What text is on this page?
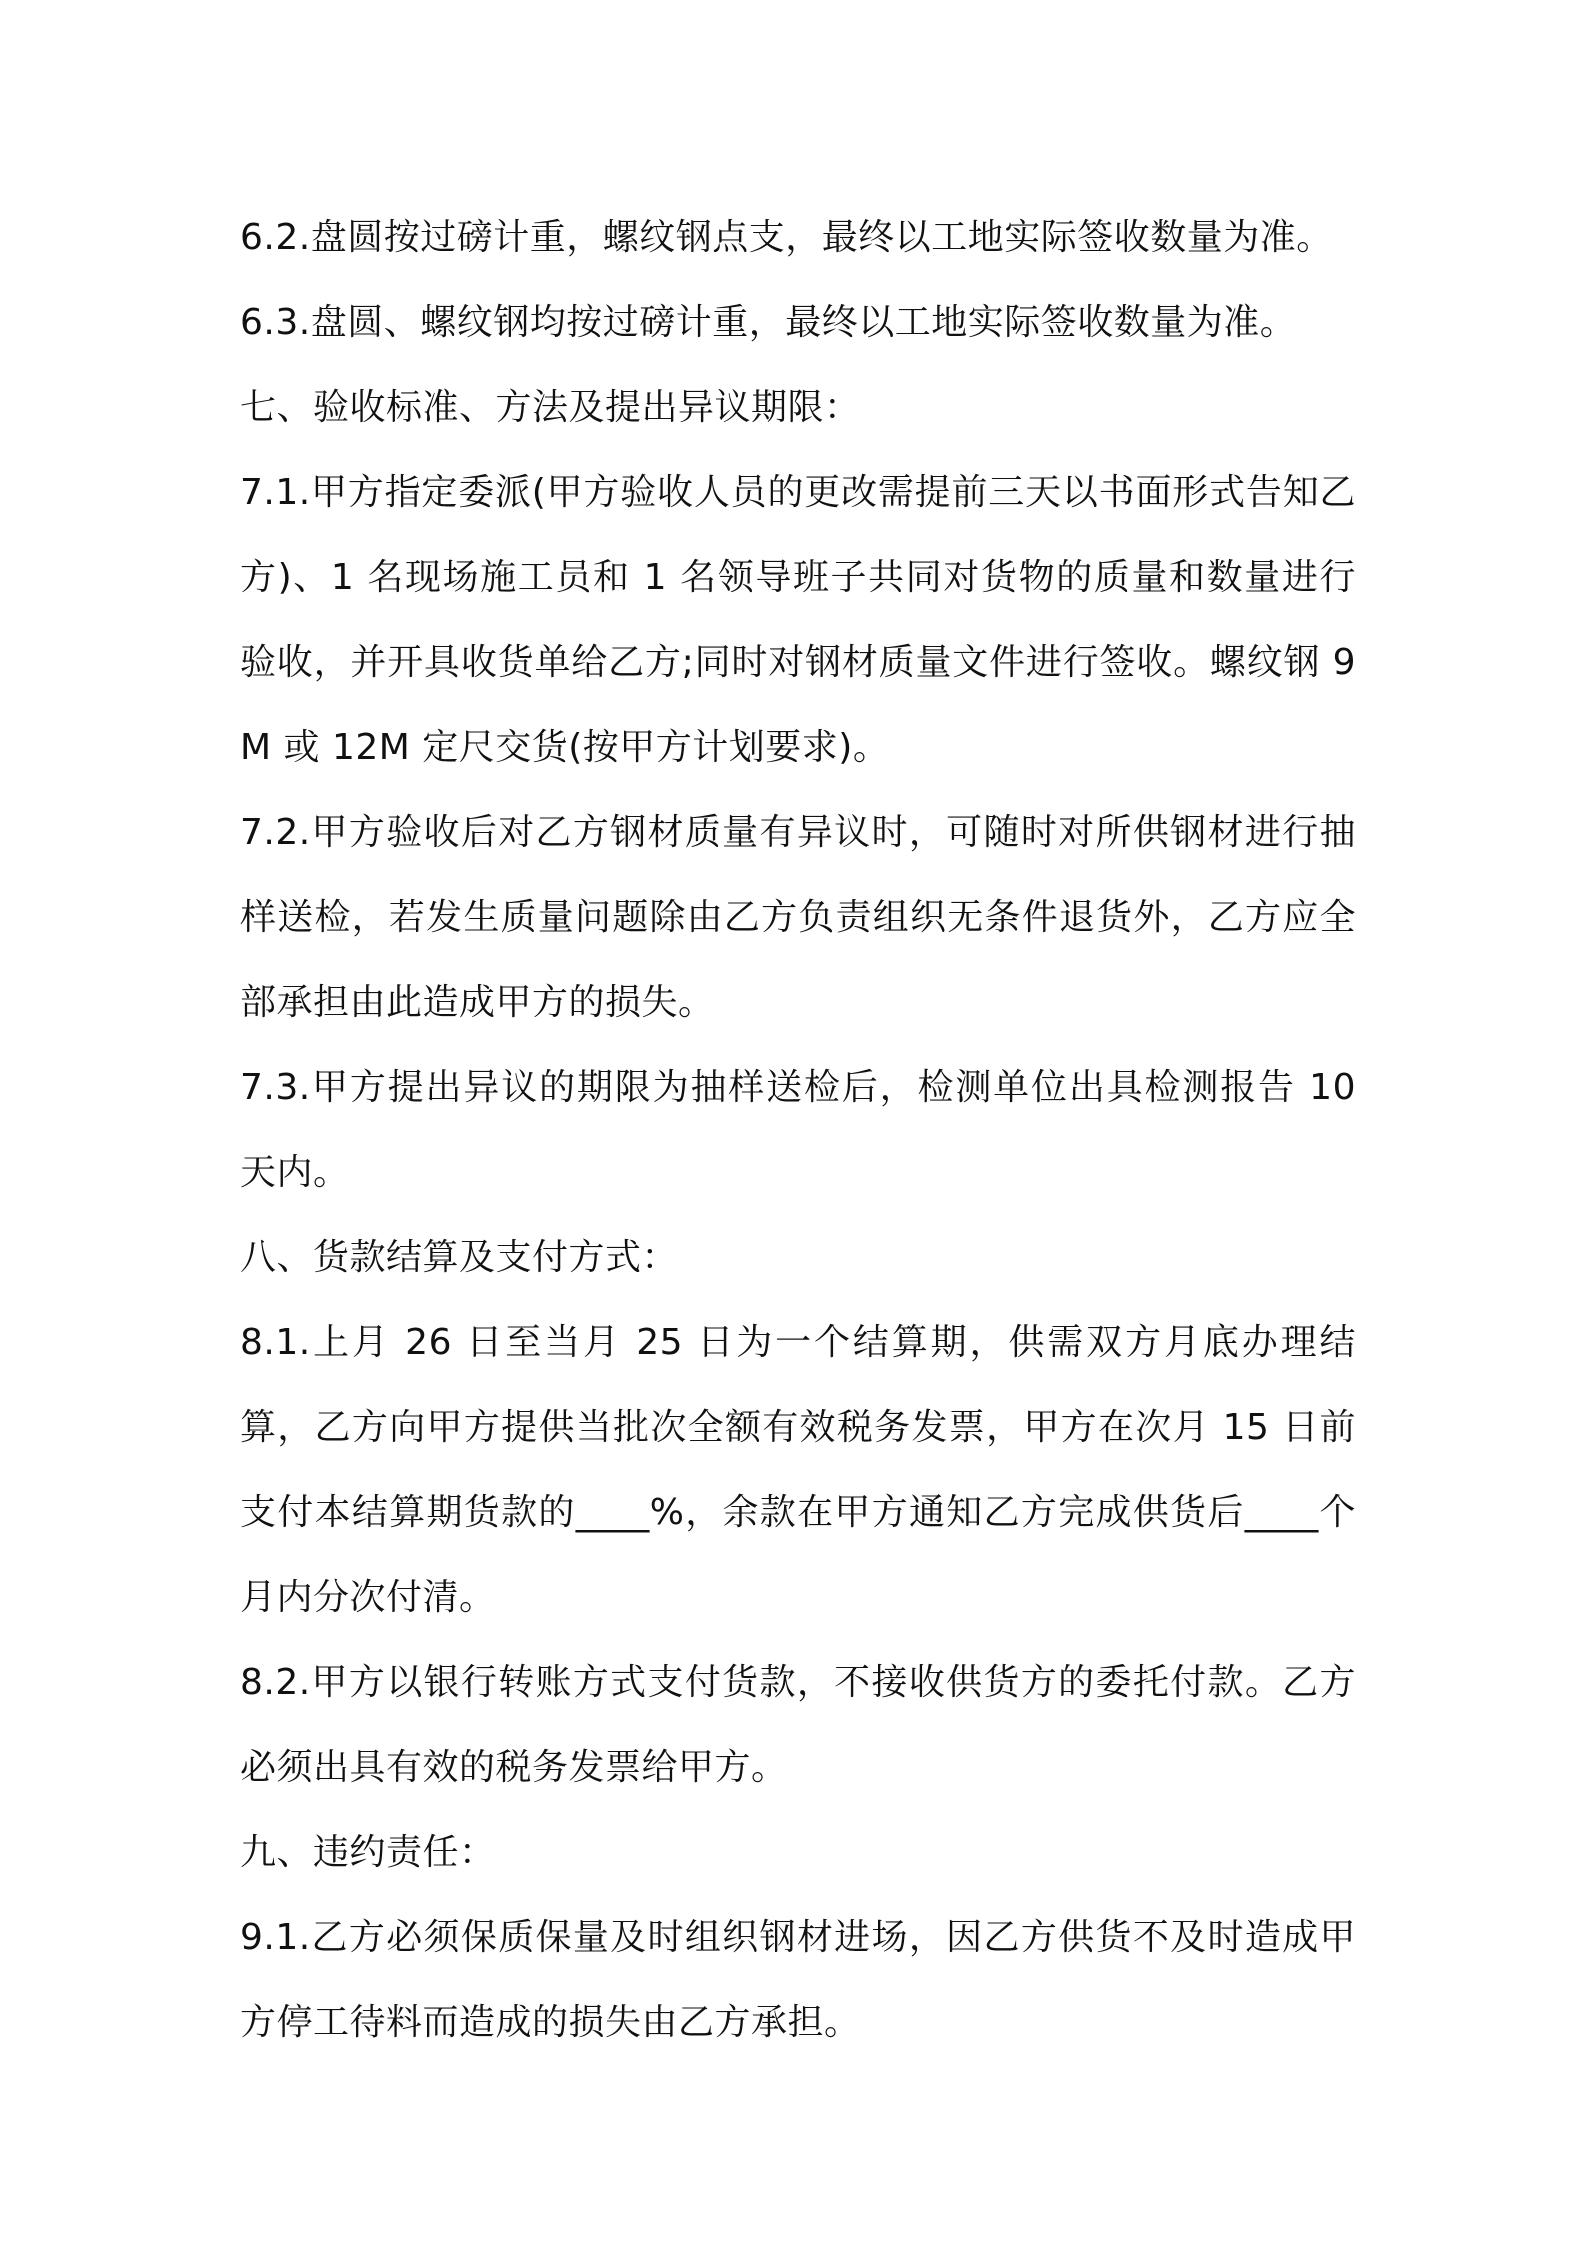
6.2.盘圆按过磅计重，螺纹钢点支，最终以工地实际签收数量为准。

6.3.盘圆、螺纹钢均按过磅计重，最终以工地实际签收数量为准。

七、验收标准、方法及提出异议期限：

7.1.甲方指定委派(甲方验收人员的更改需提前三天以书面形式告知乙方)、1 名现场施工员和 1 名领导班子共同对货物的质量和数量进行验收，并开具收货单给乙方;同时对钢材质量文件进行签收。螺纹钢 9M 或 12M 定尺交货(按甲方计划要求)。

7.2.甲方验收后对乙方钢材质量有异议时，可随时对所供钢材进行抽样送检，若发生质量问题除由乙方负责组织无条件退货外，乙方应全部承担由此造成甲方的损失。

7.3.甲方提出异议的期限为抽样送检后，检测单位出具检测报告 10 天内。

八、货款结算及支付方式：

8.1.上月 26 日至当月 25 日为一个结算期，供需双方月底办理结算，乙方向甲方提供当批次全额有效税务发票，甲方在次月 15 日前支付本结算期货款的____%，余款在甲方通知乙方完成供货后____个月内分次付清。

8.2.甲方以银行转账方式支付货款，不接收供货方的委托付款。乙方必须出具有效的税务发票给甲方。

九、违约责任：

9.1.乙方必须保质保量及时组织钢材进场，因乙方供货不及时造成甲方停工待料而造成的损失由乙方承担。
